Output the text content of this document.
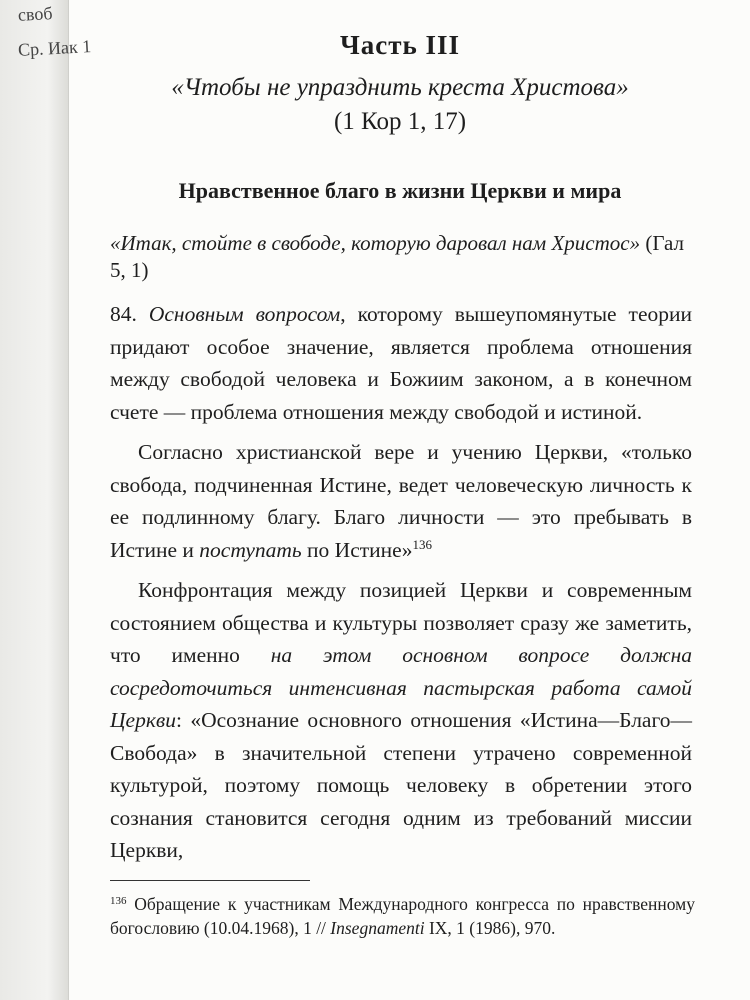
своб
Ср. Иак 1	Часть III
«Чтобы не упразднить креста Христова»
(1 Кор 1, 17)
Нравственное благо в жизни Церкви и мира
«Итак, стойте в свободе, которую даровал нам Христос» (Гал 5, 1)

84. Основным вопросом, которому вышеупомянутые теории придают особое значение, является проблема отношения между свободой человека и Божиим законом, а в конечном счете — проблема отношения между свободой и истиной.

Согласно христианской вере и учению Церкви, «только свобода, подчиненная Истине, ведет человеческую личность к ее подлинному благу. Благо личности — это пребывать в Истине и поступать по Истине»$^{136}$

Конфронтация между позицией Церкви и современным состоянием общества и культуры позволяет сразу же заметить, что именно на этом основном вопросе должна сосредоточиться интенсивная пастырская работа самой Церкви: «Осознание основного отношения «Истина—Благо—Свобода» в значительной степени утрачено современной культурой, поэтому помощь человеку в обретении этого сознания становится сегодня одним из требований миссии Церкви,

$^{136}$ Обращение к участникам Международного конгресса по нравственному богословию (10.04.1968), 1 // Insegnamenti IX, 1 (1986), 970.
